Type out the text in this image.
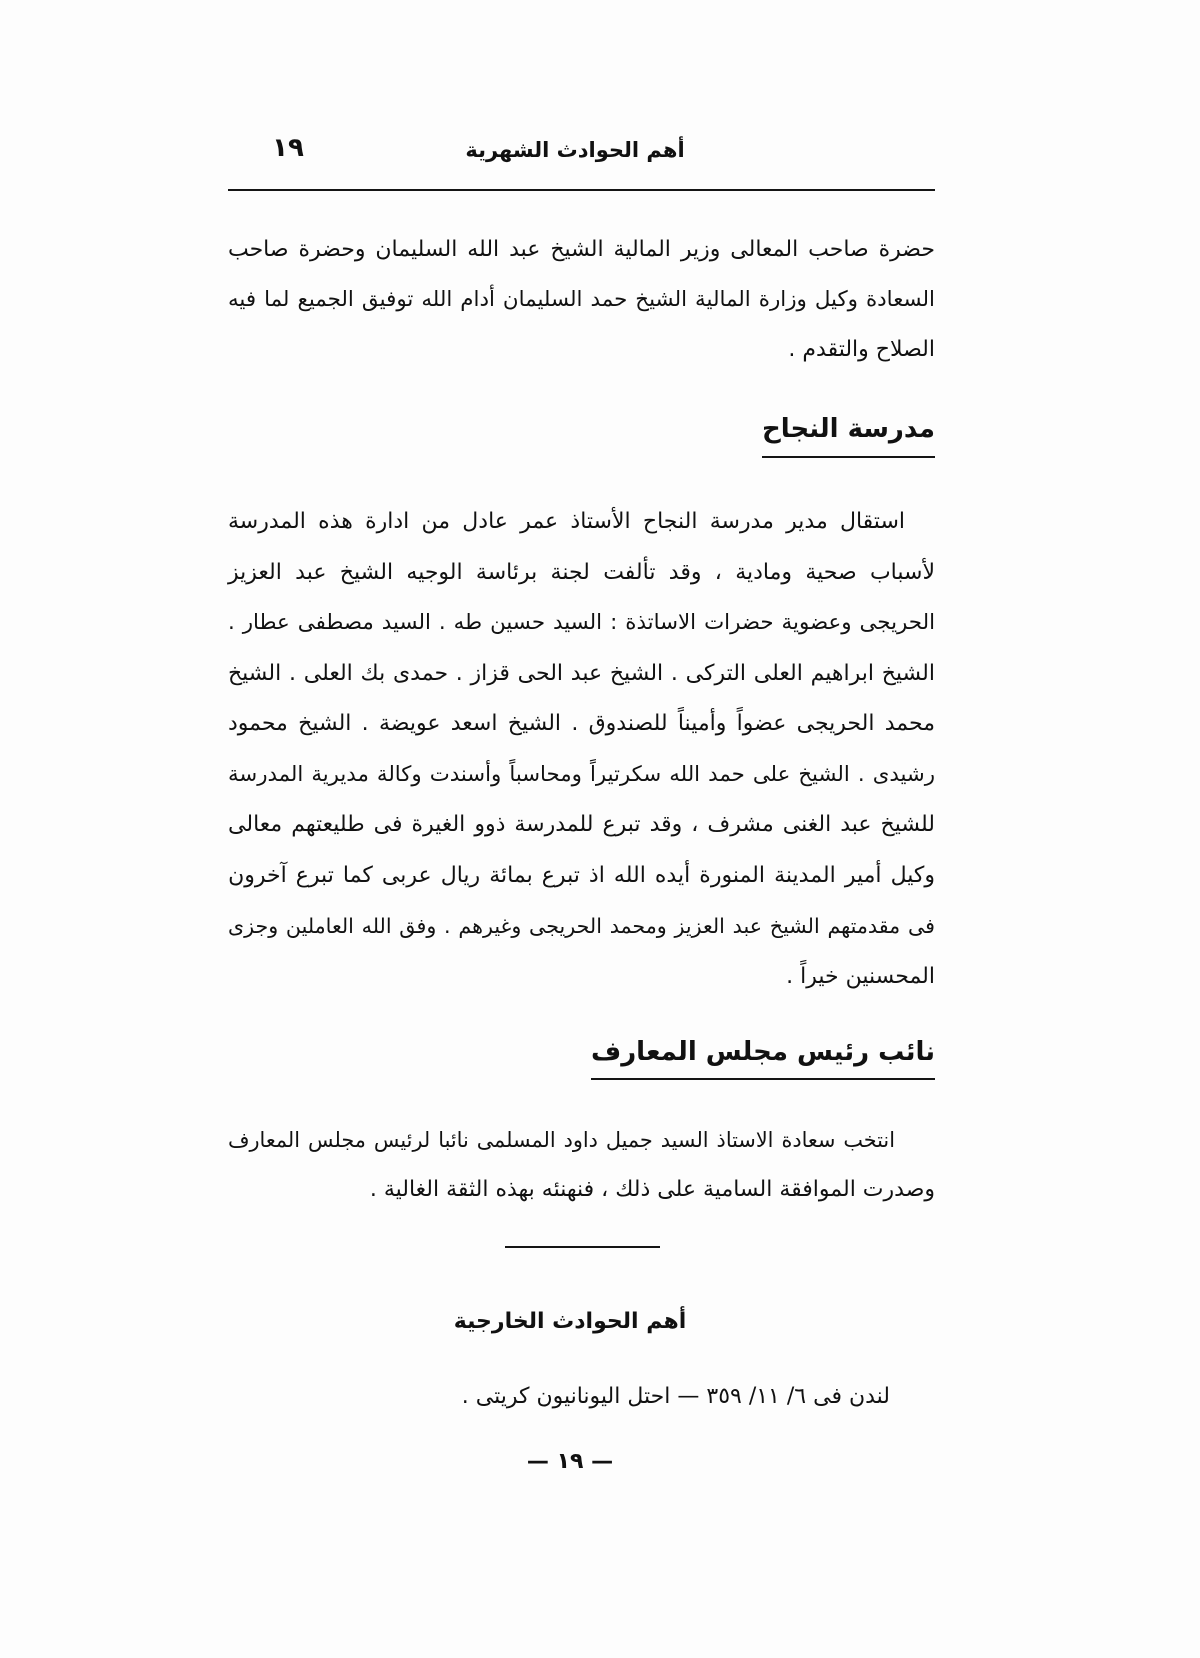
١٩	أهم الحوادث الشهرية
حضرة صاحب المعالى وزير المالية الشيخ عبد الله السليمان وحضرة صاحب
السعادة وكيل وزارة المالية الشيخ حمد السليمان أدام الله توفيق الجميع لما فيه
الصلاح والتقدم .
مدرسة النجاح
استقال مدير مدرسة النجاح الأستاذ عمر عادل من ادارة هذه المدرسة
لأسباب صحية ومادية ، وقد تألفت لجنة برئاسة الوجيه الشيخ عبد العزيز
الحريجى وعضوية حضرات الاساتذة : السيد حسين طه . السيد مصطفى عطار .
الشيخ ابراهيم العلى التركى . الشيخ عبد الحى قزاز . حمدى بك العلى . الشيخ
محمد الحريجى عضواً وأميناً للصندوق . الشيخ اسعد عويضة . الشيخ محمود
رشيدى . الشيخ على حمد الله سكرتيراً ومحاسباً وأسندت وكالة مديرية المدرسة
للشيخ عبد الغنى مشرف ، وقد تبرع للمدرسة ذوو الغيرة فى طليعتهم معالى
وكيل أمير المدينة المنورة أيده الله اذ تبرع بمائة ريال عربى كما تبرع آخرون
فى مقدمتهم الشيخ عبد العزيز ومحمد الحريجى وغيرهم . وفق الله العاملين وجزى
المحسنين خيراً .
نائب رئيس مجلس المعارف
انتخب سعادة الاستاذ السيد جميل داود المسلمى نائبا لرئيس مجلس المعارف
وصدرت الموافقة السامية على ذلك ، فنهنئه بهذه الثقة الغالية .
أهم الحوادث الخارجية
لندن فى ٦/ ١١/ ٣٥٩ — احتل اليونانيون كريتى .
— ١٩ —
